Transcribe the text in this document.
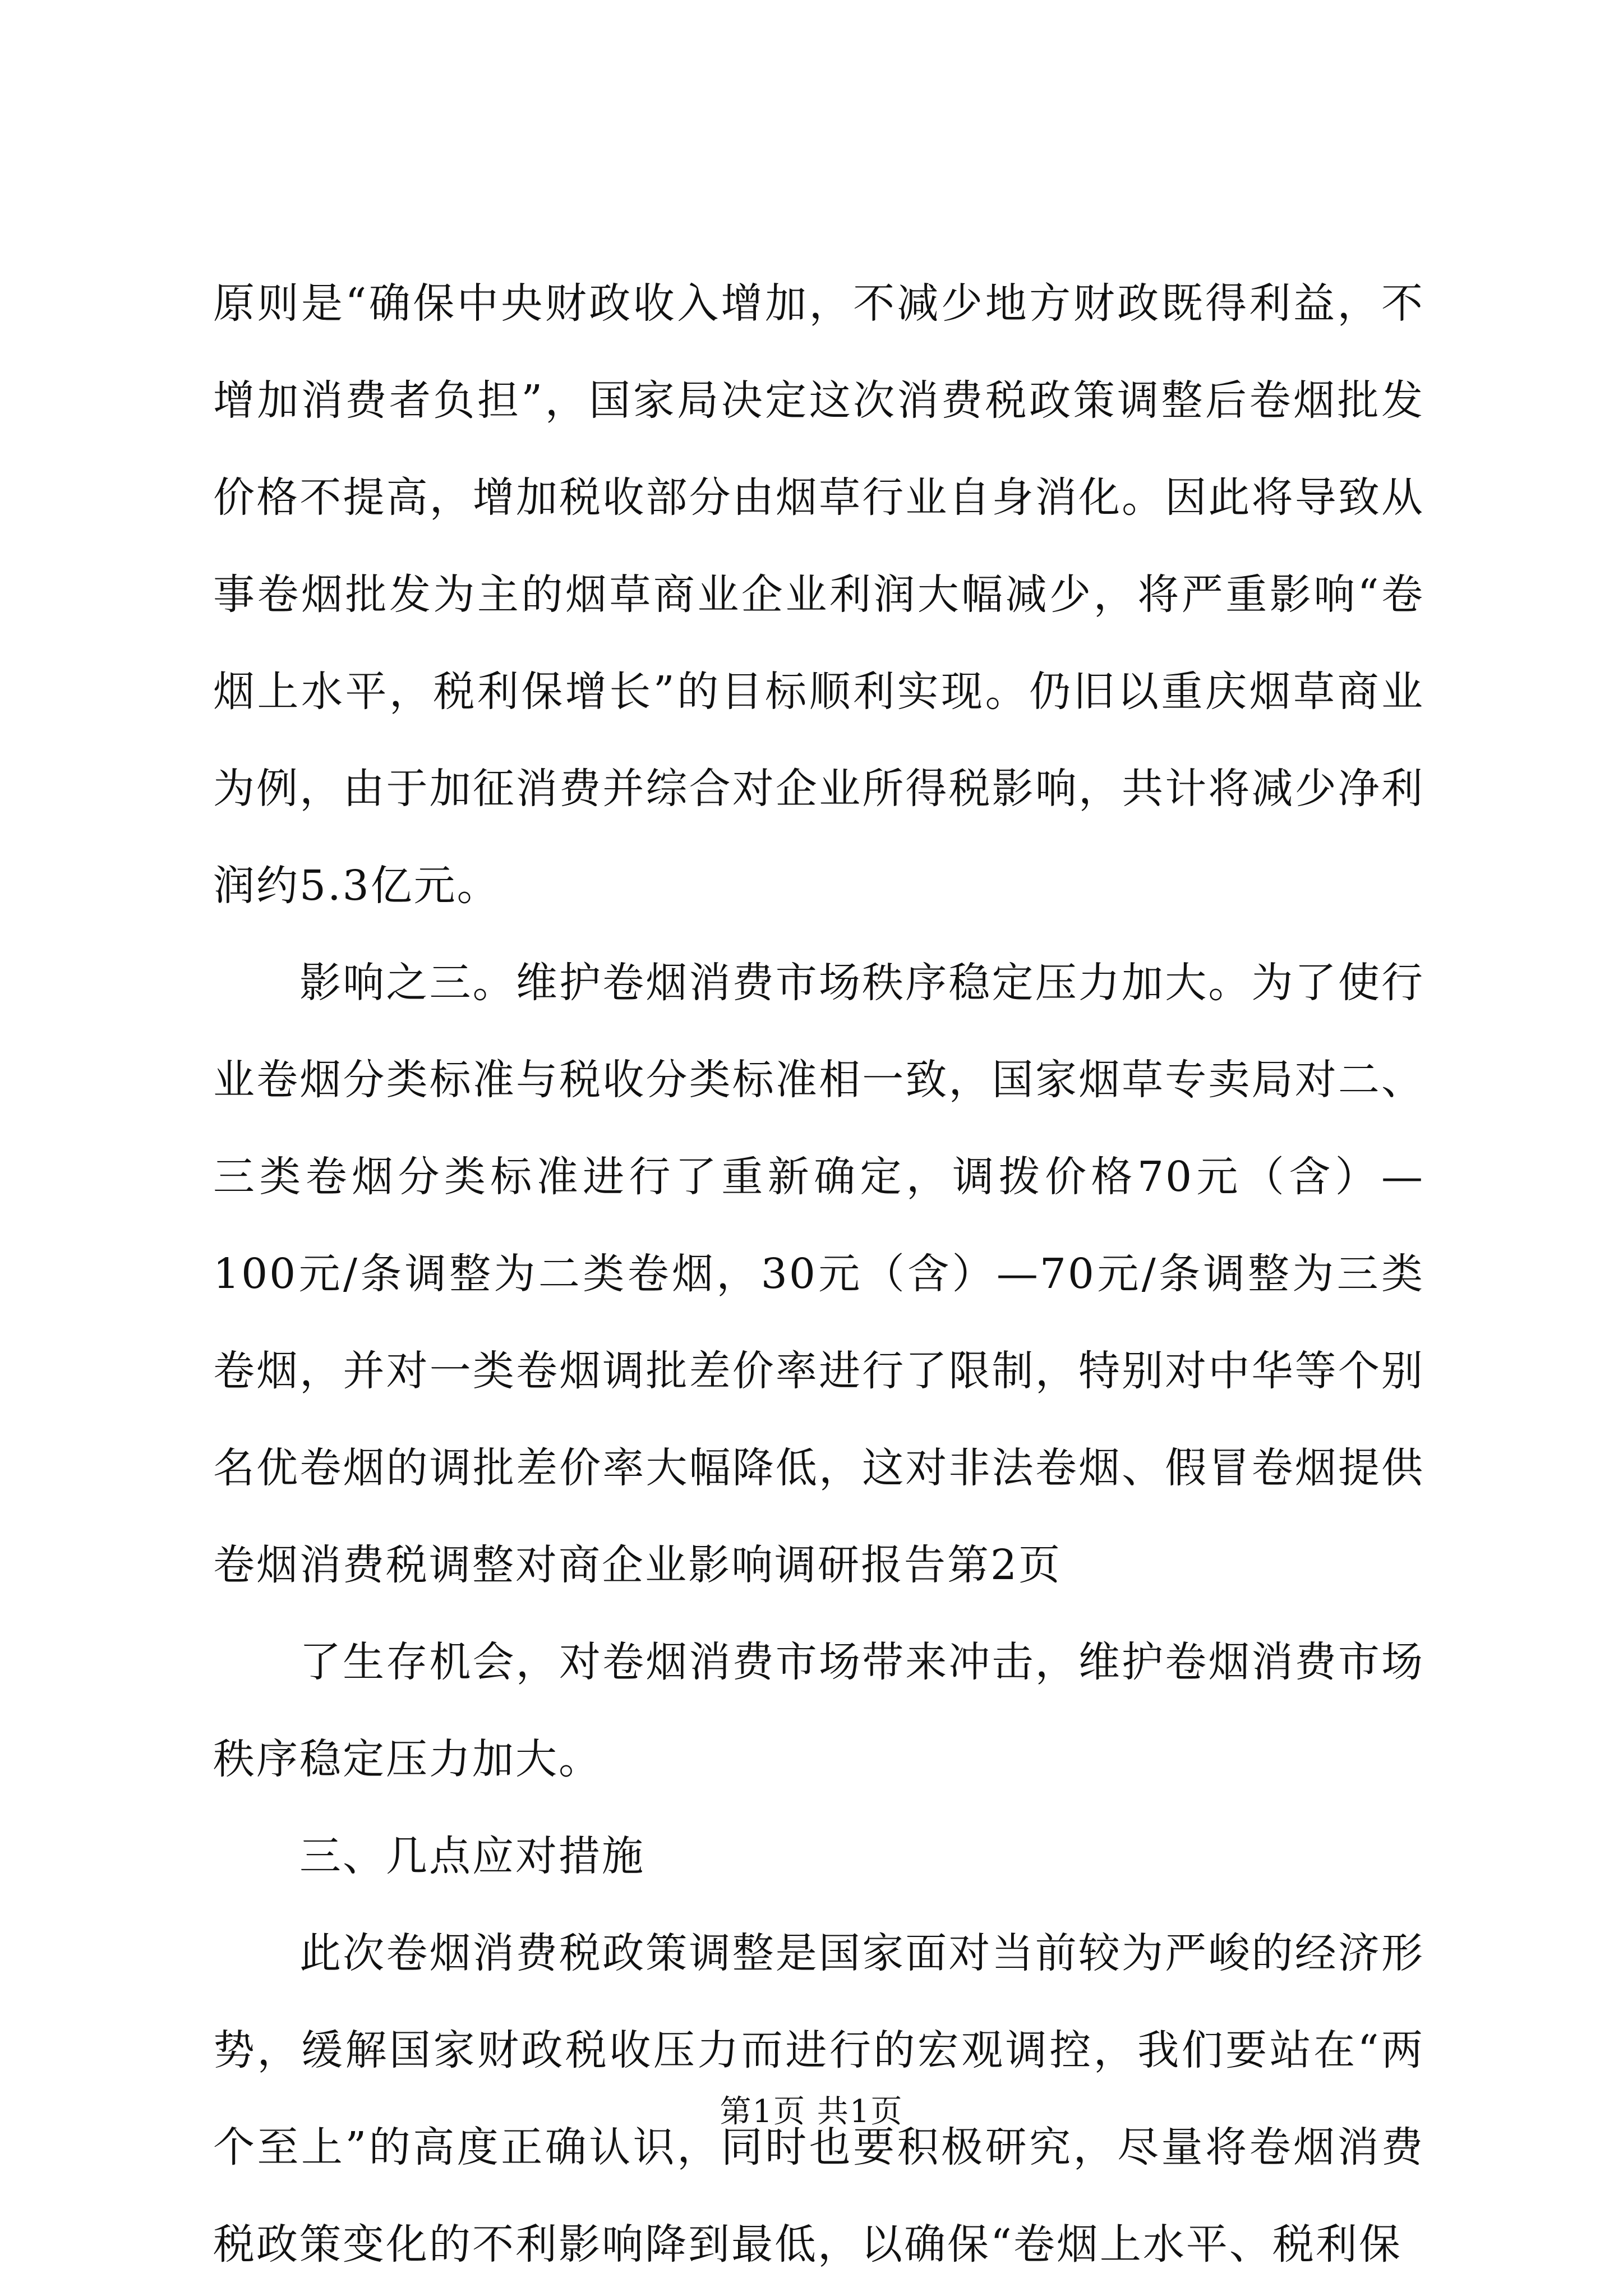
原则是“确保中央财政收入增加，不减少地方财政既得利益，不增加消费者负担”，国家局决定这次消费税政策调整后卷烟批发价格不提高，增加税收部分由烟草行业自身消化。因此将导致从事卷烟批发为主的烟草商业企业利润大幅减少，将严重影响“卷烟上水平，税利保增长”的目标顺利实现。仍旧以重庆烟草商业为例，由于加征消费并综合对企业所得税影响，共计将减少净利润约5.3亿元。

影响之三。维护卷烟消费市场秩序稳定压力加大。为了使行业卷烟分类标准与税收分类标准相一致，国家烟草专卖局对二、三类卷烟分类标准进行了重新确定，调拨价格70元（含）—100元/条调整为二类卷烟，30元（含）—70元/条调整为三类卷烟，并对一类卷烟调批差价率进行了限制，特别对中华等个别名优卷烟的调批差价率大幅降低，这对非法卷烟、假冒卷烟提供卷烟消费税调整对商企业影响调研报告第2页

了生存机会，对卷烟消费市场带来冲击，维护卷烟消费市场秩序稳定压力加大。

三、几点应对措施

此次卷烟消费税政策调整是国家面对当前较为严峻的经济形势，缓解国家财政税收压力而进行的宏观调控，我们要站在“两个至上”的高度正确认识，同时也要积极研究，尽量将卷烟消费税政策变化的不利影响降到最低，以确保“卷烟上水平、税利保

第1页 共1页
